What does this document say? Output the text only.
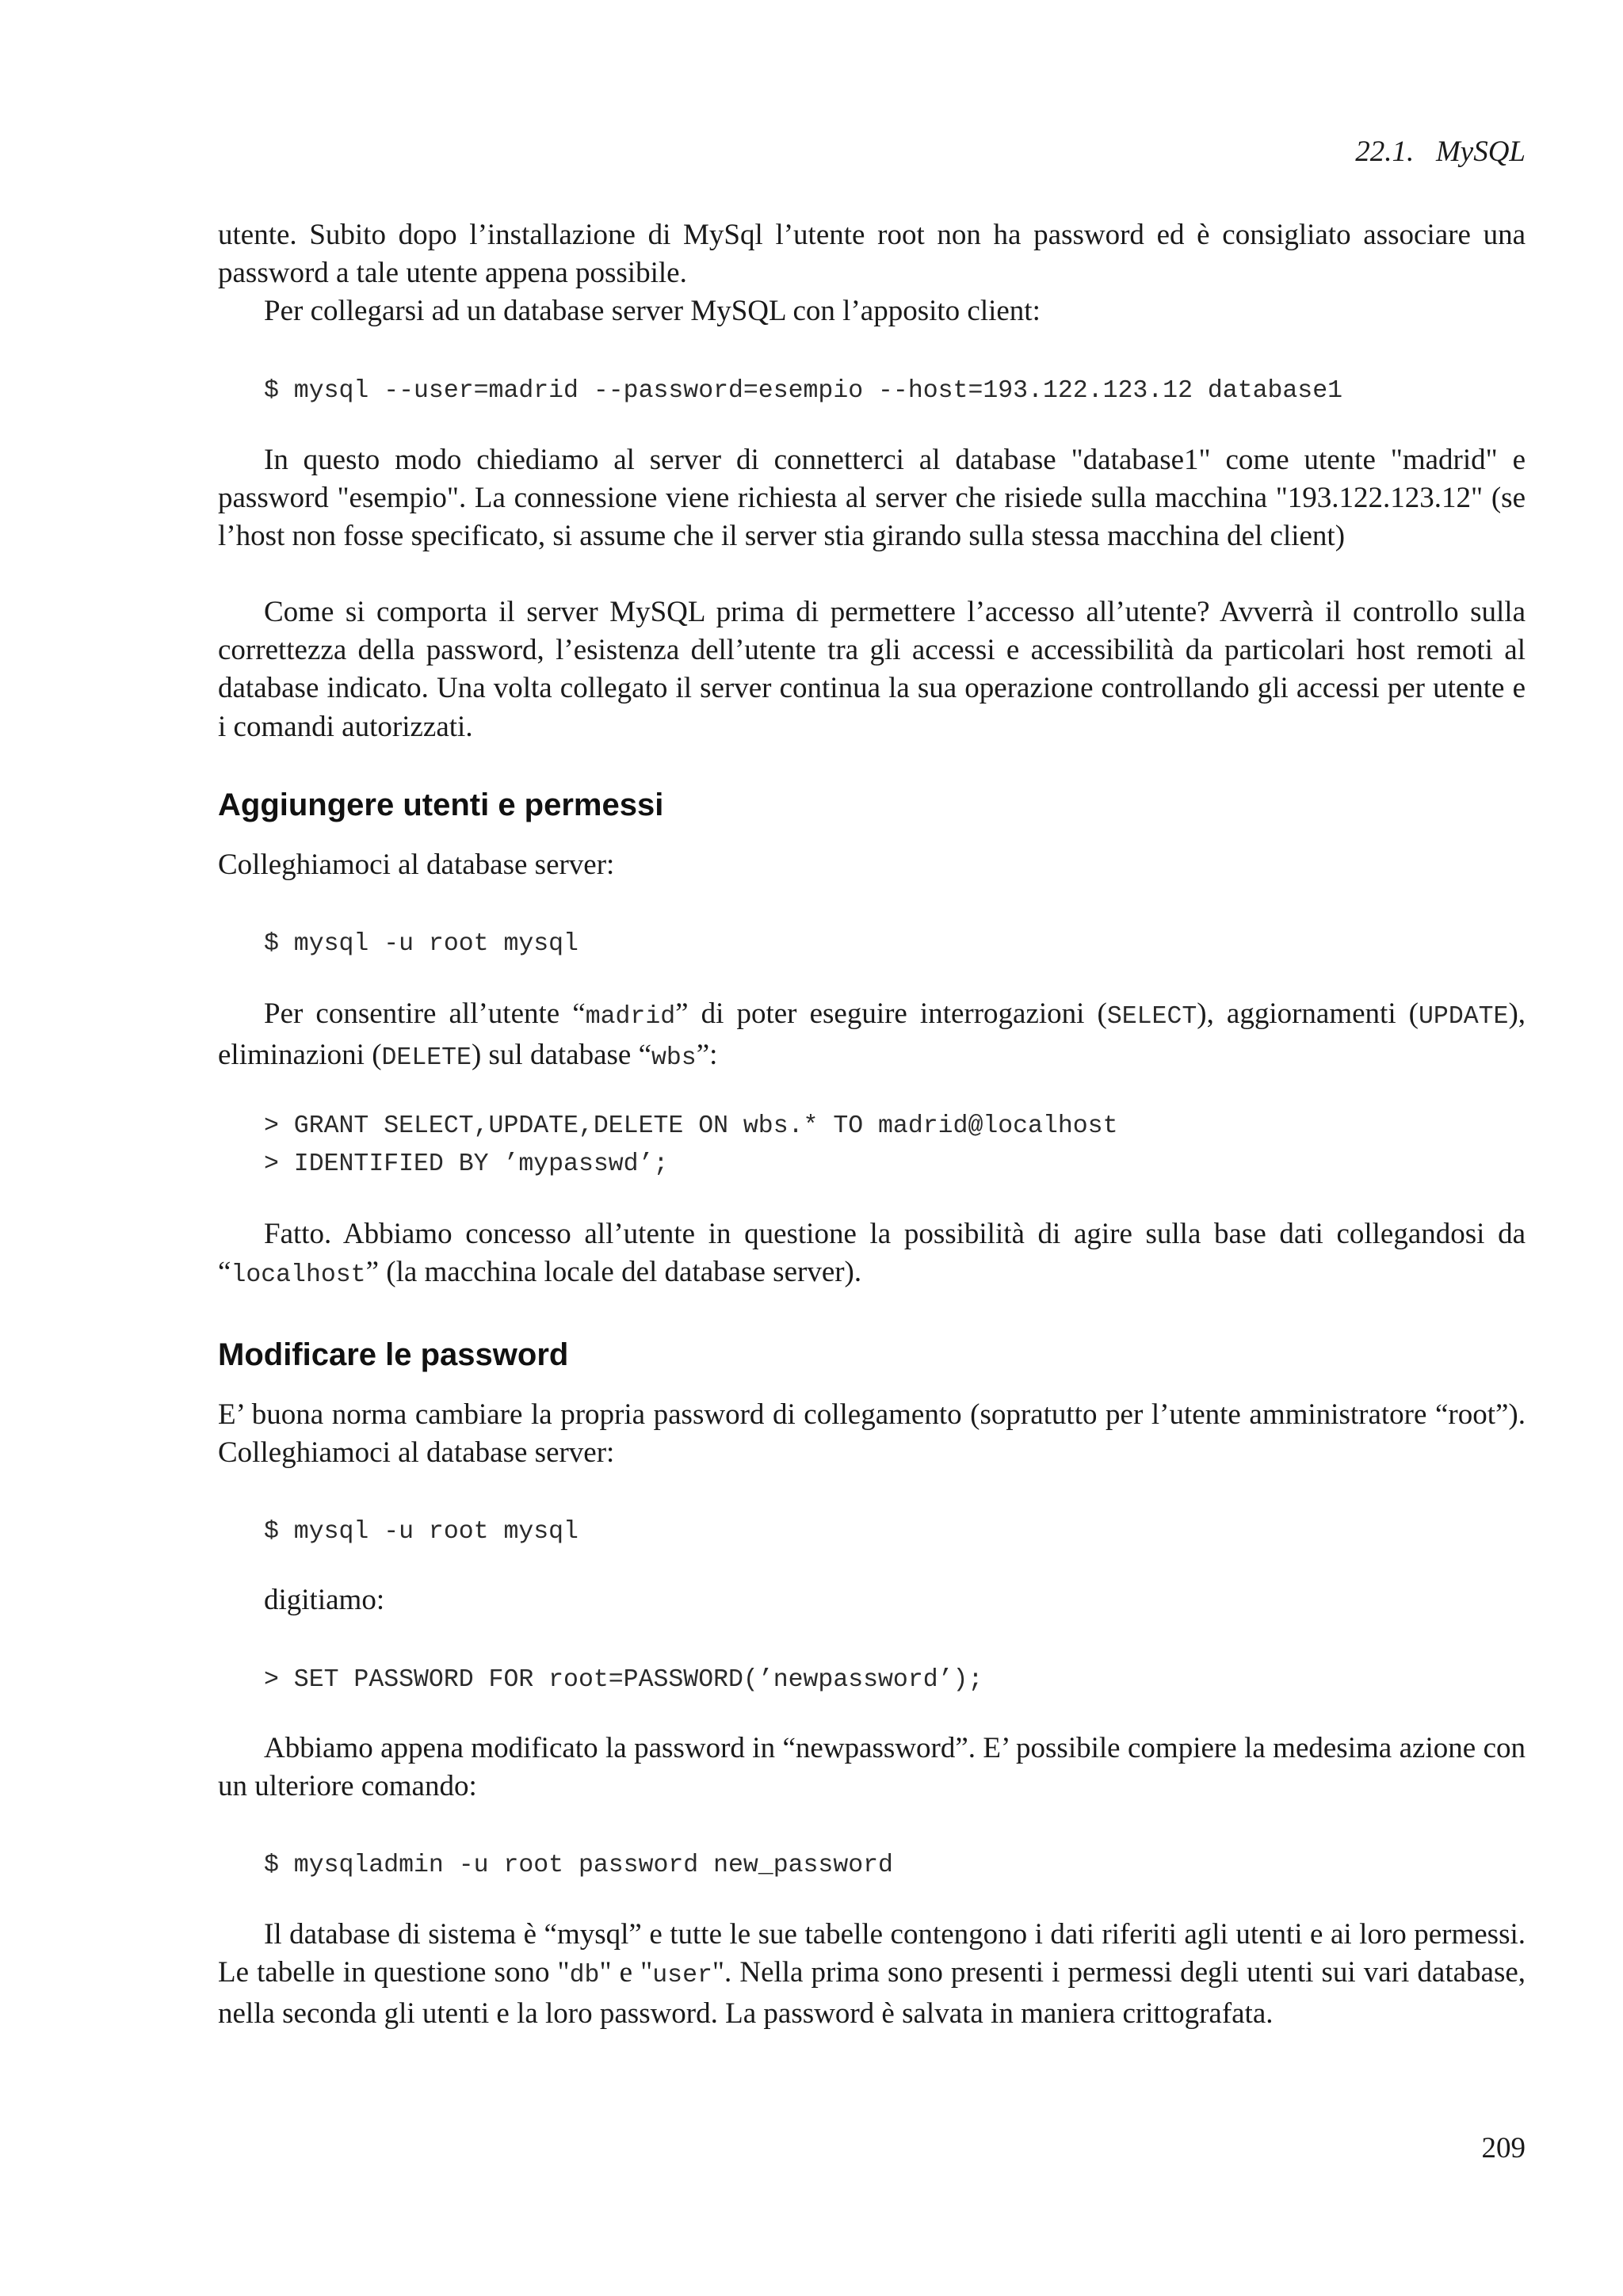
22.1. MySQL

utente. Subito dopo l’installazione di MySql l’utente root non ha password ed è consigliato associare una password a tale utente appena possibile.

Per collegarsi ad un database server MySQL con l’apposito client:

$ mysql --user=madrid --password=esempio --host=193.122.123.12 database1

In questo modo chiediamo al server di connetterci al database "database1" come utente "madrid" e password "esempio". La connessione viene richiesta al server che risiede sulla macchina "193.122.123.12" (se l’host non fosse specificato, si assume che il server stia girando sulla stessa macchina del client)

Come si comporta il server MySQL prima di permettere l’accesso all’utente? Avverrà il controllo sulla correttezza della password, l’esistenza dell’utente tra gli accessi e accessibilità da particolari host remoti al database indicato. Una volta collegato il server continua la sua operazione controllando gli accessi per utente e i comandi autorizzati.

Aggiungere utenti e permessi

Colleghiamoci al database server:

$ mysql -u root mysql

Per consentire all’utente “madrid” di poter eseguire interrogazioni (SELECT), aggiornamenti (UPDATE), eliminazioni (DELETE) sul database “wbs”:

> GRANT SELECT,UPDATE,DELETE ON wbs.* TO madrid@localhost
> IDENTIFIED BY ’mypasswd’;

Fatto. Abbiamo concesso all’utente in questione la possibilità di agire sulla base dati collegandosi da “localhost” (la macchina locale del database server).

Modificare le password

E’ buona norma cambiare la propria password di collegamento (sopratutto per l’utente amministratore “root”). Colleghiamoci al database server:

$ mysql -u root mysql

digitiamo:

> SET PASSWORD FOR root=PASSWORD(’newpassword’);

Abbiamo appena modificato la password in “newpassword”. E’ possibile compiere la medesima azione con un ulteriore comando:

$ mysqladmin -u root password new_password

Il database di sistema è “mysql” e tutte le sue tabelle contengono i dati riferiti agli utenti e ai loro permessi. Le tabelle in questione sono "db" e "user". Nella prima sono presenti i permessi degli utenti sui vari database, nella seconda gli utenti e la loro password. La password è salvata in maniera crittografata.

209
